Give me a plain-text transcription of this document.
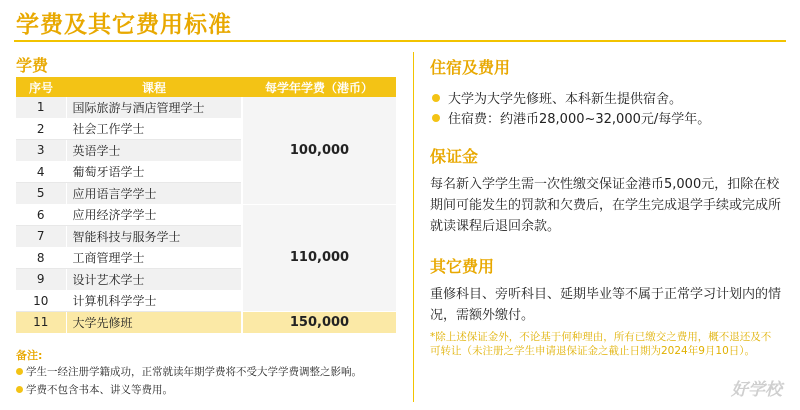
学费及其它费用标准
学费
序号	课程	每学年学费（港币）
1	国际旅游与酒店管理学士	100,000
2	社会工作学士	
3	英语学士	
4	葡萄牙语学士	
5	应用语言学学士	
6	应用经济学学士	110,000
7	智能科技与服务学士	
8	工商管理学士	
9	设计艺术学士	
10	计算机科学学士	
11	大学先修班	150,000
备注:
学生一经注册学籍成功，正常就读年期学费将不受大学学费调整之影响。
学费不包含书本、讲义等费用。
住宿及费用
大学为大学先修班、本科新生提供宿舍。
住宿费：约港币28,000~32,000元/每学年。
保证金
每名新入学学生需一次性缴交保证金港币5,000元，扣除在校期间可能发生的罚款和欠费后，在学生完成退学手续或完成所就读课程后退回余款。
其它费用
重修科目、旁听科目、延期毕业等不属于正常学习计划内的情况，需额外缴付。
*除上述保证金外，不论基于何种理由，所有已缴交之费用，概不退还及不可转让（未注册之学生申请退保证金之截止日期为2024年9月10日）。
好学校
